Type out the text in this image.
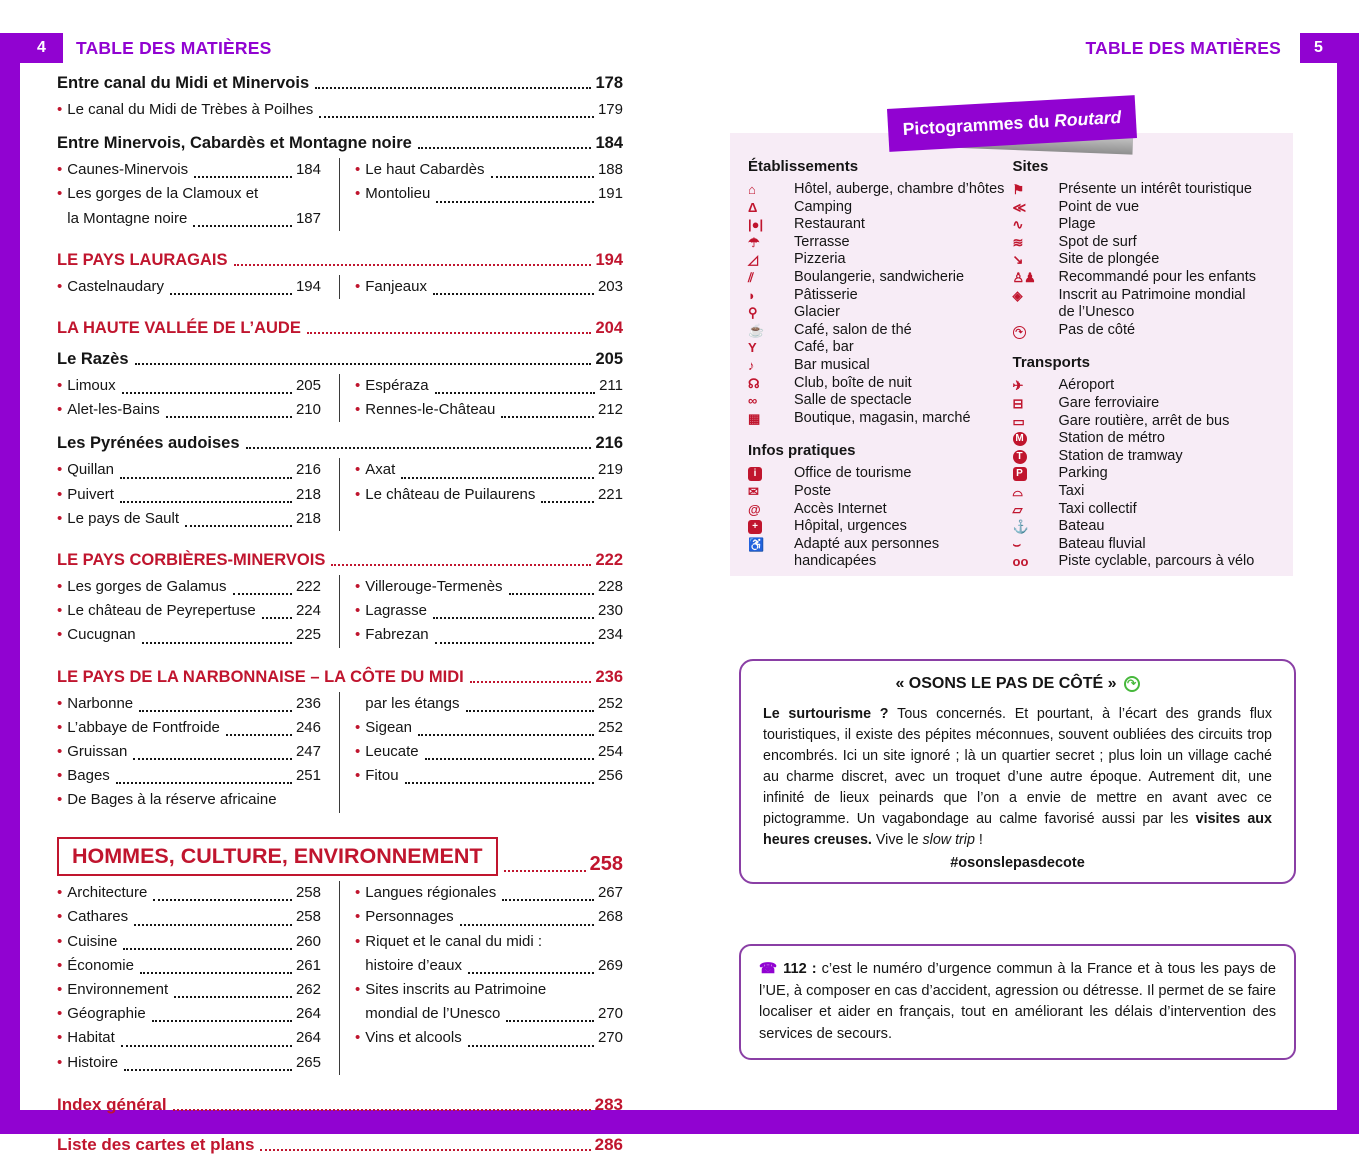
4	5
TABLE DES MATIÈRES	TABLE DES MATIÈRES
Entre canal du Midi et Minervois	178
• Le canal du Midi de Trèbes à Poilhes	179
Entre Minervois, Cabardès et Montagne noire	184
• Caunes-Minervois	184
• Les gorges de la Clamoux et
la Montagne noire	187
• Le haut Cabardès	188
• Montolieu	191
LE PAYS LAURAGAIS	194
• Castelnaudary	194 • Fanjeaux	203
LA HAUTE VALLÉE DE L’AUDE	204
Le Razès	205
• Limoux	205
• Alet-les-Bains	210
• Espéraza	211
• Rennes-le-Château	212
Les Pyrénées audoises	216
• Quillan	216
• Puivert	218
• Le pays de Sault	218
• Axat	219
• Le château de Puilaurens	221
LE PAYS CORBIÈRES-MINERVOIS	222
• Les gorges de Galamus	222
• Le château de Peyrepertuse	224
• Cucugnan	225
• Villerouge-Termenès	228
• Lagrasse	230
• Fabrezan	234
LE PAYS DE LA NARBONNAISE – LA CÔTE DU MIDI	236
• Narbonne	236
• L’abbaye de Fontfroide	246
• Gruissan	247
• Bages	251
• De Bages à la réserve africaine
par les étangs	252
• Sigean	252
• Leucate	254
• Fitou	256
HOMMES, CULTURE, ENVIRONNEMENT	258
• Architecture	258
• Cathares	258
• Cuisine	260
• Économie	261
• Environnement	262
• Géographie	264
• Habitat	264
• Histoire	265
• Langues régionales	267
• Personnages	268
• Riquet et le canal du midi :
histoire d’eaux	269
• Sites inscrits au Patrimoine
mondial de l’Unesco	270
• Vins et alcools	270
Index général	283
Liste des cartes et plans	286
Établissements
⌂	Hôtel, auberge, chambre d’hôtes
Δ	Camping
|●|	Restaurant
☂	Terrasse
◿	Pizzeria
⫽	Boulangerie, sandwicherie
◗	Pâtisserie
⚲	Glacier
☕	Café, salon de thé
Y	Café, bar
♪	Bar musical
☊	Club, boîte de nuit
∞	Salle de spectacle
▦	Boutique, magasin, marché
Infos pratiques
i	Office de tourisme
✉	Poste
@	Accès Internet
+	Hôpital, urgences
♿	Adapté aux personnes
handicapées
Sites
⚑	Présente un intérêt touristique
≪	Point de vue
∿	Plage
≋	Spot de surf
↘	Site de plongée
♙♟	Recommandé pour les enfants
◈	Inscrit au Patrimoine mondial
de l’Unesco
↷	Pas de côté
Transports
✈	Aéroport
⊟	Gare ferroviaire
▭	Gare routière, arrêt de bus
M	Station de métro
T	Station de tramway
P	Parking
⌓	Taxi
▱	Taxi collectif
⚓	Bateau
⌣	Bateau fluvial
oo	Piste cyclable, parcours à vélo
Pictogrammes du
Routard
« OSONS LE PAS DE CÔTÉ » ↷
Le surtourisme ? Tous concernés. Et pourtant, à l’écart des grands flux touristiques, il existe des pépites méconnues, souvent oubliées des circuits trop encombrés. Ici un site ignoré ; là un quartier secret ; plus loin un village caché au charme discret, avec un troquet d’une autre époque. Autrement dit, une infinité de lieux peinards que l’on a envie de mettre en avant avec ce pictogramme. Un vagabondage au calme favorisé aussi par les visites aux heures creuses. Vive le slow trip !
#osonslepasdecote
☎ 112 : c’est le numéro d’urgence commun à la France et à tous les pays de l’UE, à composer en cas d’accident, agression ou détresse. Il permet de se faire localiser et aider en français, tout en améliorant les délais d’intervention des services de secours.
